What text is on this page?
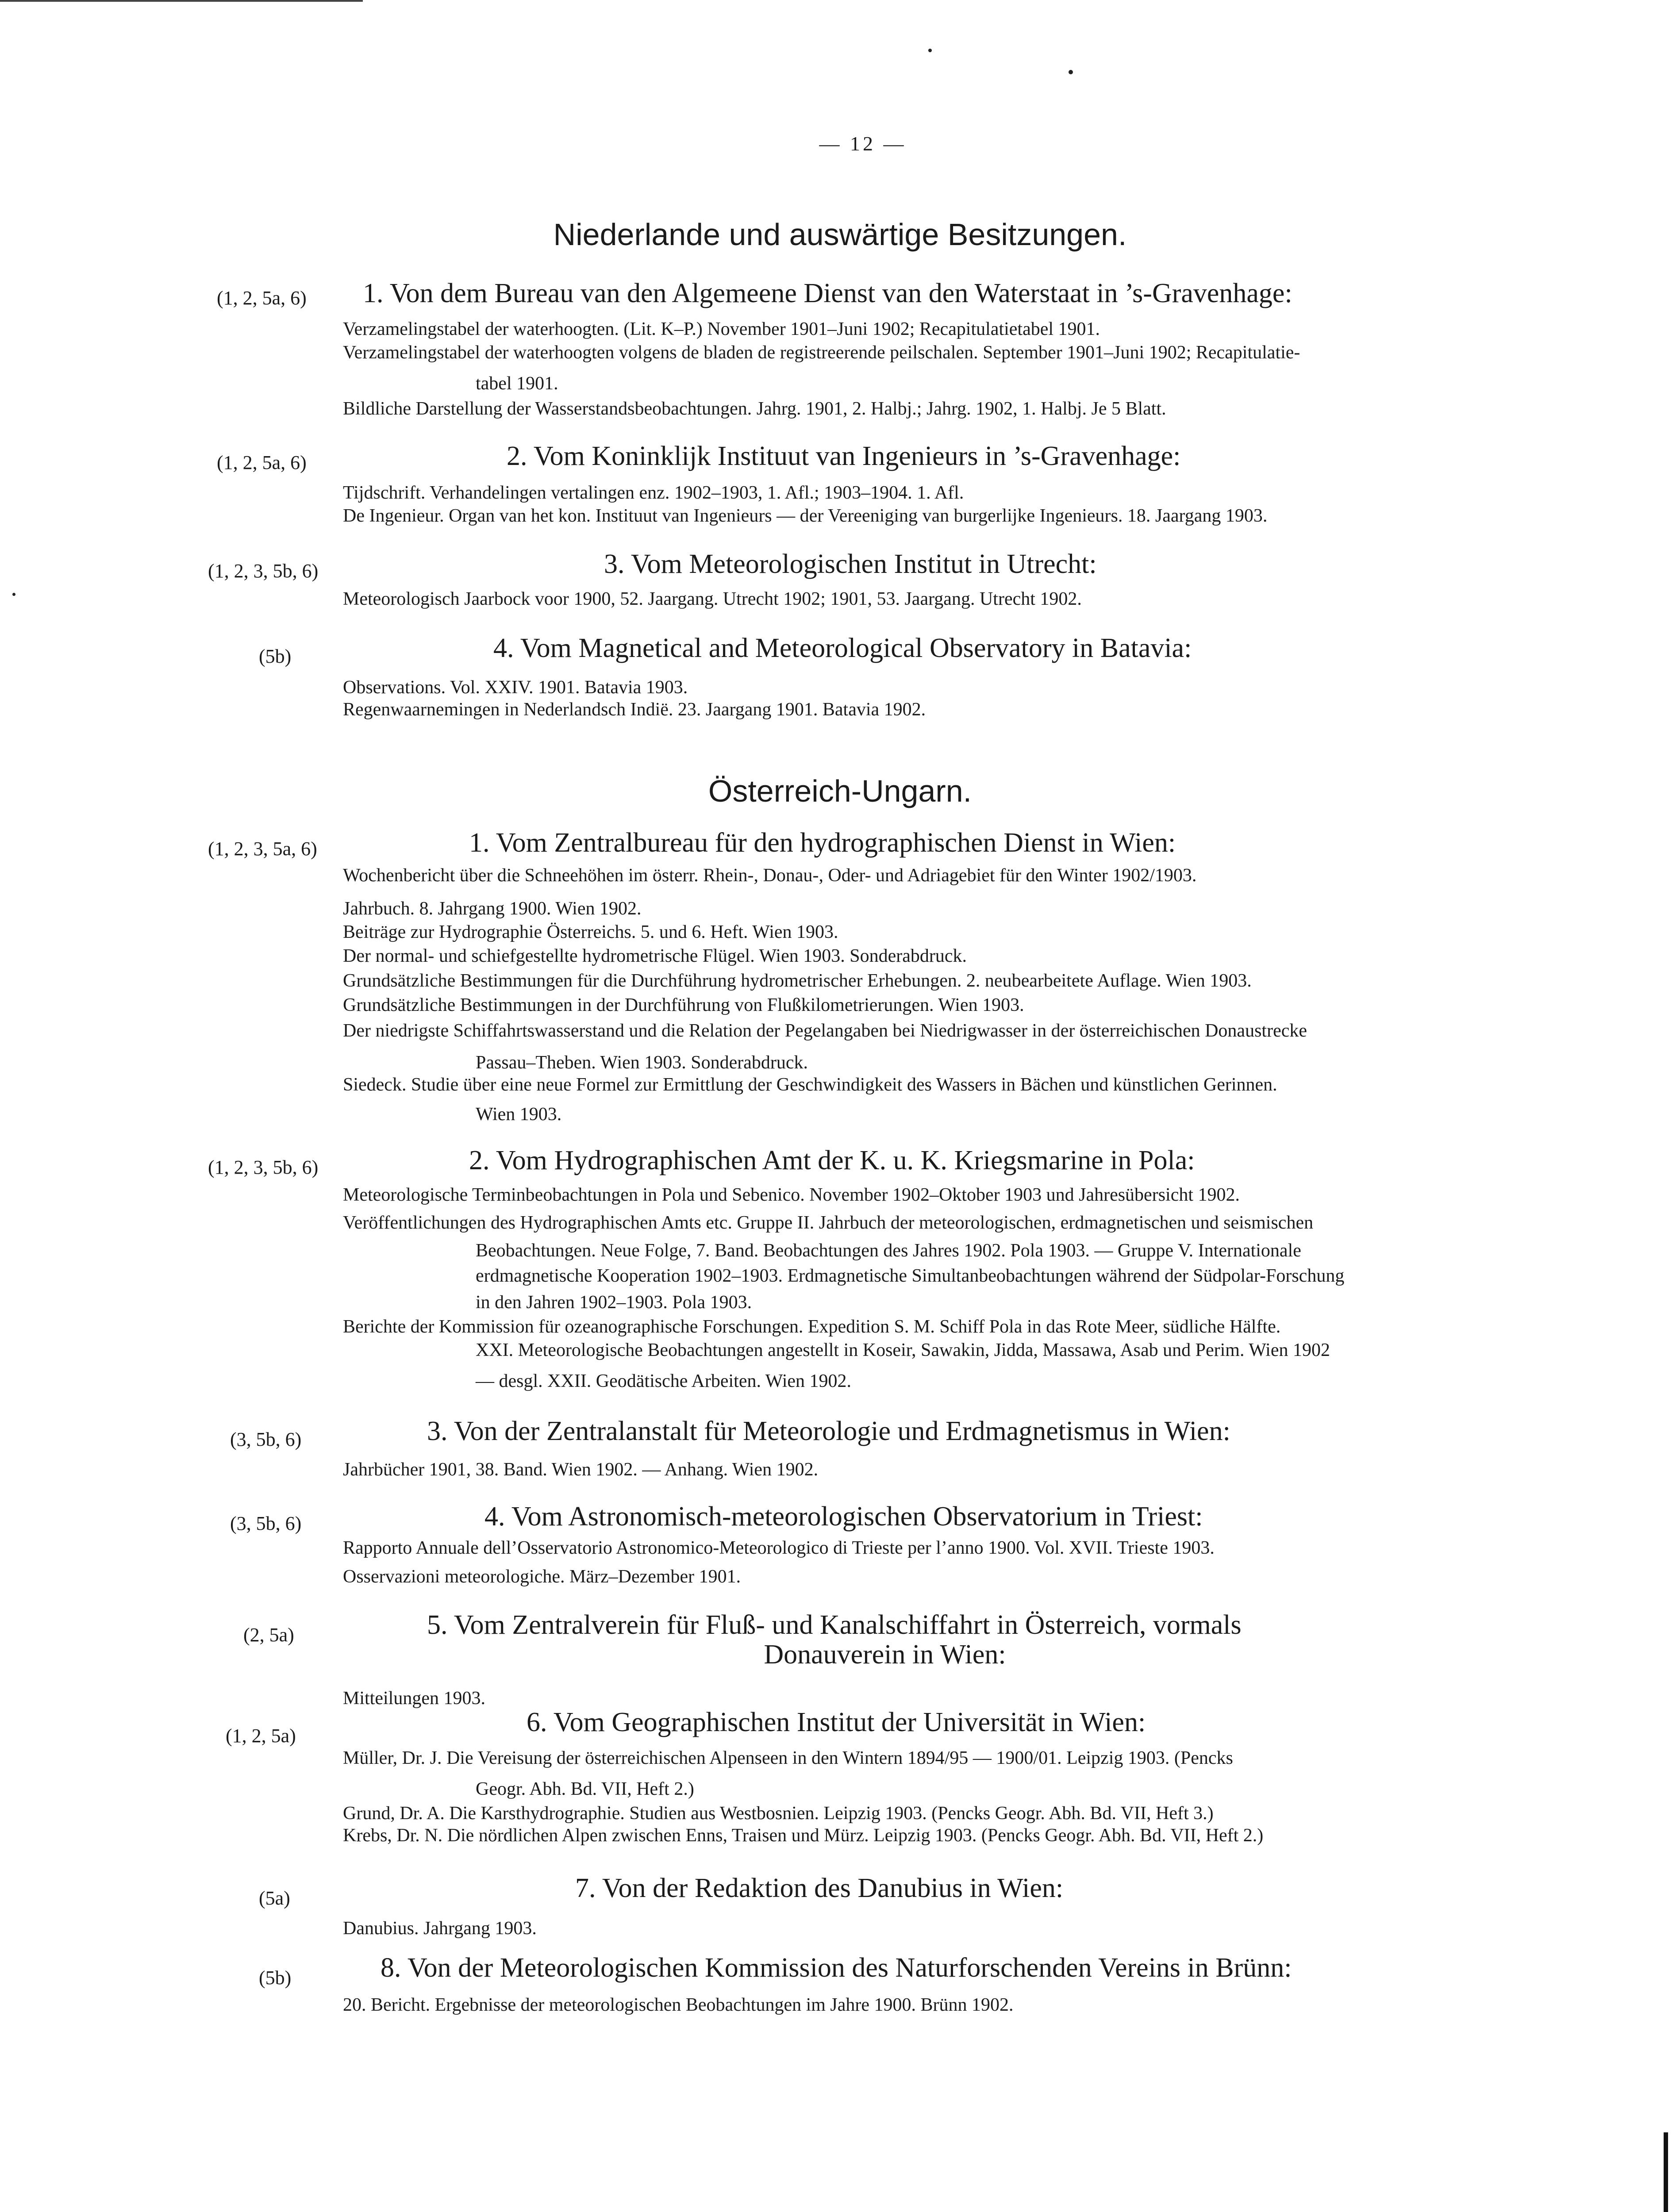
— 12 —
Niederlande und auswärtige Besitzungen.
(1, 2, 5a, 6) 1. Von dem Bureau van den Algemeene Dienst van den Waterstaat in ’s-Gravenhage:
Verzamelingstabel der waterhoogten. (Lit. K–P.) November 1901–Juni 1902; Recapitulatietabel 1901.
Verzamelingstabel der waterhoogten volgens de bladen de registreerende peilschalen. September 1901–Juni 1902; Recapitulatie-
tabel 1901.
Bildliche Darstellung der Wasserstandsbeobachtungen. Jahrg. 1901, 2. Halbj.; Jahrg. 1902, 1. Halbj. Je 5 Blatt.
(1, 2, 5a, 6)	2. Vom Koninklijk Instituut van Ingenieurs in ’s-Gravenhage:
Tijdschrift. Verhandelingen vertalingen enz. 1902–1903, 1. Afl.; 1903–1904. 1. Afl.
De Ingenieur. Organ van het kon. Instituut van Ingenieurs — der Vereeniging van burgerlijke Ingenieurs. 18. Jaargang 1903.
(1, 2, 3, 5b, 6)	3. Vom Meteorologischen Institut in Utrecht:
Meteorologisch Jaarbock voor 1900, 52. Jaargang. Utrecht 1902; 1901, 53. Jaargang. Utrecht 1902.
(5b)	4. Vom Magnetical and Meteorological Observatory in Batavia:
Observations. Vol. XXIV. 1901. Batavia 1903.
Regenwaarnemingen in Nederlandsch Indië. 23. Jaargang 1901. Batavia 1902.
Österreich-Ungarn.
(1, 2, 3, 5a, 6)	1. Vom Zentralbureau für den hydrographischen Dienst in Wien:
Wochenbericht über die Schneehöhen im österr. Rhein-, Donau-, Oder- und Adriagebiet für den Winter 1902/1903.
Jahrbuch. 8. Jahrgang 1900. Wien 1902.
Beiträge zur Hydrographie Österreichs. 5. und 6. Heft. Wien 1903.
Der normal- und schiefgestellte hydrometrische Flügel. Wien 1903. Sonderabdruck.
Grundsätzliche Bestimmungen für die Durchführung hydrometrischer Erhebungen. 2. neubearbeitete Auflage. Wien 1903.
Grundsätzliche Bestimmungen in der Durchführung von Flußkilometrierungen. Wien 1903.
Der niedrigste Schiffahrtswasserstand und die Relation der Pegelangaben bei Niedrigwasser in der österreichischen Donaustrecke
Passau–Theben. Wien 1903. Sonderabdruck.
Siedeck. Studie über eine neue Formel zur Ermittlung der Geschwindigkeit des Wassers in Bächen und künstlichen Gerinnen.
Wien 1903.
(1, 2, 3, 5b, 6)	2. Vom Hydrographischen Amt der K. u. K. Kriegsmarine in Pola:
Meteorologische Terminbeobachtungen in Pola und Sebenico. November 1902–Oktober 1903 und Jahresübersicht 1902.
Veröffentlichungen des Hydrographischen Amts etc. Gruppe II. Jahrbuch der meteorologischen, erdmagnetischen und seismischen
Beobachtungen. Neue Folge, 7. Band. Beobachtungen des Jahres 1902. Pola 1903. — Gruppe V. Internationale
erdmagnetische Kooperation 1902–1903. Erdmagnetische Simultanbeobachtungen während der Südpolar-Forschung
in den Jahren 1902–1903. Pola 1903.
Berichte der Kommission für ozeanographische Forschungen. Expedition S. M. Schiff Pola in das Rote Meer, südliche Hälfte.
XXI. Meteorologische Beobachtungen angestellt in Koseir, Sawakin, Jidda, Massawa, Asab und Perim. Wien 1902
— desgl. XXII. Geodätische Arbeiten. Wien 1902.
(3, 5b, 6)	3. Von der Zentralanstalt für Meteorologie und Erdmagnetismus in Wien:
Jahrbücher 1901, 38. Band. Wien 1902. — Anhang. Wien 1902.
(3, 5b, 6)	4. Vom Astronomisch-meteorologischen Observatorium in Triest:
Rapporto Annuale dell’Osservatorio Astronomico-Meteorologico di Trieste per l’anno 1900. Vol. XVII. Trieste 1903.
Osservazioni meteorologiche. März–Dezember 1901.
(2, 5a)	5. Vom Zentralverein für Fluß- und Kanalschiffahrt in Österreich, vormals
Donauverein in Wien:
Mitteilungen 1903.
(1, 2, 5a)	6. Vom Geographischen Institut der Universität in Wien:
Müller, Dr. J. Die Vereisung der österreichischen Alpenseen in den Wintern 1894/95 — 1900/01. Leipzig 1903. (Pencks
Geogr. Abh. Bd. VII, Heft 2.)
Grund, Dr. A. Die Karsthydrographie. Studien aus Westbosnien. Leipzig 1903. (Pencks Geogr. Abh. Bd. VII, Heft 3.)
Krebs, Dr. N. Die nördlichen Alpen zwischen Enns, Traisen und Mürz. Leipzig 1903. (Pencks Geogr. Abh. Bd. VII, Heft 2.)
(5a)	7. Von der Redaktion des Danubius in Wien:
Danubius. Jahrgang 1903.
(5b)	8. Von der Meteorologischen Kommission des Naturforschenden Vereins in Brünn:
20. Bericht. Ergebnisse der meteorologischen Beobachtungen im Jahre 1900. Brünn 1902.
